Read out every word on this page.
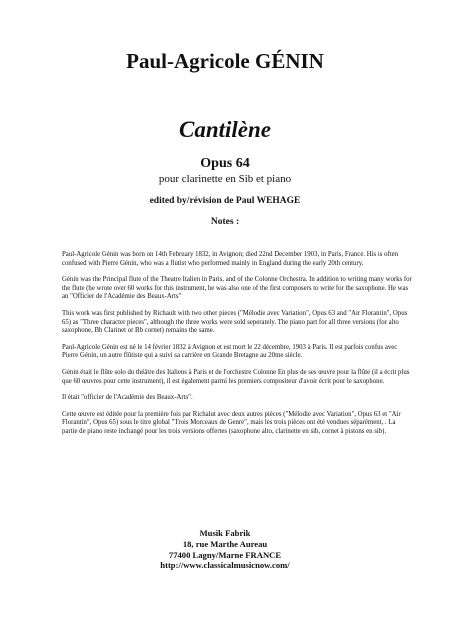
Paul-Agricole GÉNIN
Cantilène
Opus 64
pour clarinette en Sib et piano
edited by/révision de Paul WEHAGE
Notes :

Paul-Agricole Génin was born on 14th February 1832, in Avignon; died 22nd December 1903, in Paris, France. His is often confused with Pierre Génin, who was a flutist who performed mainly in England during the early 20th century.

Génin was the Principal flute of the Theatre Italien in Paris, and of the Colonne Orchestra. In addition to writing many works for the flute (he wrote over 60 works for this instrument, he was also one of the first composers to write for the saxophone. He was an "Officier de l'Académie des Beaux-Arts"

This work was first published by Richault with two other pieces ("Mélodie avec Variation", Opus 63 and "Air Florantin", Opus 65) as "Three character pieces", although the three works were sold seperately. The piano part for all three versions (for alto saxophone, Bb Clarinet or Bb cornet) remains the same.

Paul-Agricole Génin est né le 14 février 1832 à Avignon et est mort le 22 décembre, 1903 à Paris. Il est parfois confus avec Pierre Génin, un autre flûtiste qui a suivi sa carrière en Grande Bretagne au 20me siècle.

Génin était le flûte solo du théâtre des Italiens à Paris et de l'orchestre Colonne En plus de ses œuvre pour la flûte (il a écrit plus que 60 œuvres pour cette instrument), il est également parmi les premiers compositeur d'avoir écrit pour le saxophone.

Il était "officier de l'Académie des Beaux-Arts".

Cette œuvre est éditée pour la première fois par Richalut avec deux autres pièces ("Mélodie avec Variation", Opus 63 et "Air Florantin", Opus 65) sous le titre global "Trois Morceaux de Genre", mais les trois pièces ont été vendues séparément, . La partie de piano reste inchangé pour les trois versions offertes (saxophone alto, clarinette en sib, cornet à pistons en sib).

Musik Fabrik
18, rue Marthe Aureau
77400 Lagny/Marne FRANCE
http://www.classicalmusicnow.com/
